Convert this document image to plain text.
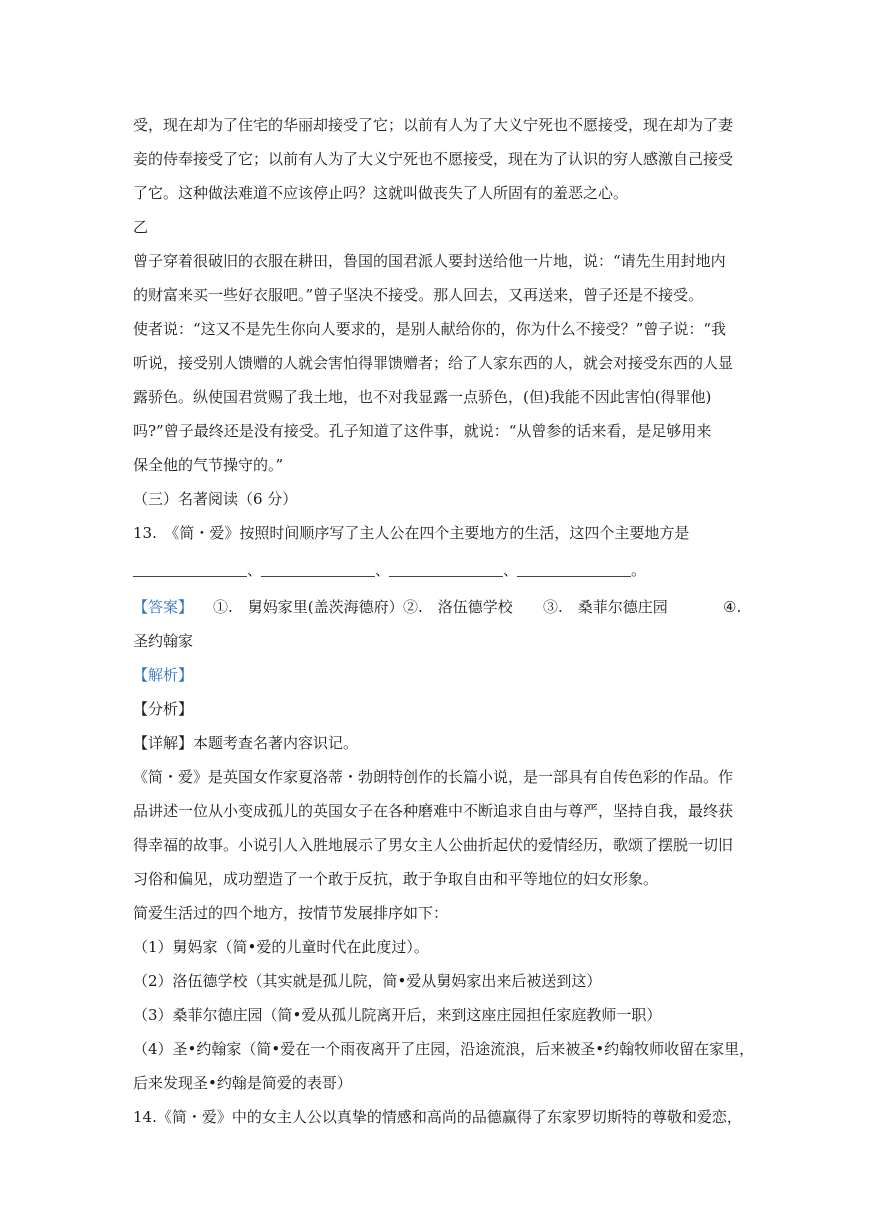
受，现在却为了住宅的华丽却接受了它；以前有人为了大义宁死也不愿接受，现在却为了妻
妾的侍奉接受了它；以前有人为了大义宁死也不愿接受，现在为了认识的穷人感激自己接受
了它。这种做法难道不应该停止吗？这就叫做丧失了人所固有的羞恶之心。
乙
曾子穿着很破旧的衣服在耕田，鲁国的国君派人要封送给他一片地，说：“请先生用封地内
的财富来买一些好衣服吧。”曾子坚决不接受。那人回去，又再送来，曾子还是不接受。
使者说：“这又不是先生你向人要求的，是别人献给你的，你为什么不接受？”曾子说：“我
听说，接受别人馈赠的人就会害怕得罪馈赠者；给了人家东西的人，就会对接受东西的人显
露骄色。纵使国君赏赐了我土地，也不对我显露一点骄色，(但)我能不因此害怕(得罪他)
吗?”曾子最终还是没有接受。孔子知道了这件事，就说：“从曾参的话来看，是足够用来
保全他的气节操守的。”
（三）名著阅读（6 分）
13.　《简・爱》按照时间顺序写了主人公在四个主要地方的生活，这四个主要地方是
、	、	、	。
【答案】 ①.　舅妈家里(盖茨海德府）②.　洛伍德学校 ③.　桑菲尔德庄园	④.
圣约翰家
【解析】
【分析】
【详解】本题考查名著内容识记。
《简・爱》是英国女作家夏洛蒂・勃朗特创作的长篇小说，是一部具有自传色彩的作品。作
品讲述一位从小变成孤儿的英国女子在各种磨难中不断追求自由与尊严，坚持自我，最终获
得幸福的故事。小说引人入胜地展示了男女主人公曲折起伏的爱情经历，歌颂了摆脱一切旧
习俗和偏见，成功塑造了一个敢于反抗，敢于争取自由和平等地位的妇女形象。
简爱生活过的四个地方，按情节发展排序如下：
（1）舅妈家（简•爱的儿童时代在此度过）。
（2）洛伍德学校（其实就是孤儿院，简•爱从舅妈家出来后被送到这）
（3）桑菲尔德庄园（简•爱从孤儿院离开后，来到这座庄园担任家庭教师一职）
（4）圣•约翰家（简•爱在一个雨夜离开了庄园，沿途流浪，后来被圣•约翰牧师收留在家里，
后来发现圣•约翰是简爱的表哥）
14.《简・爱》中的女主人公以真挚的情感和高尚的品德赢得了东家罗切斯特的尊敬和爱恋，
